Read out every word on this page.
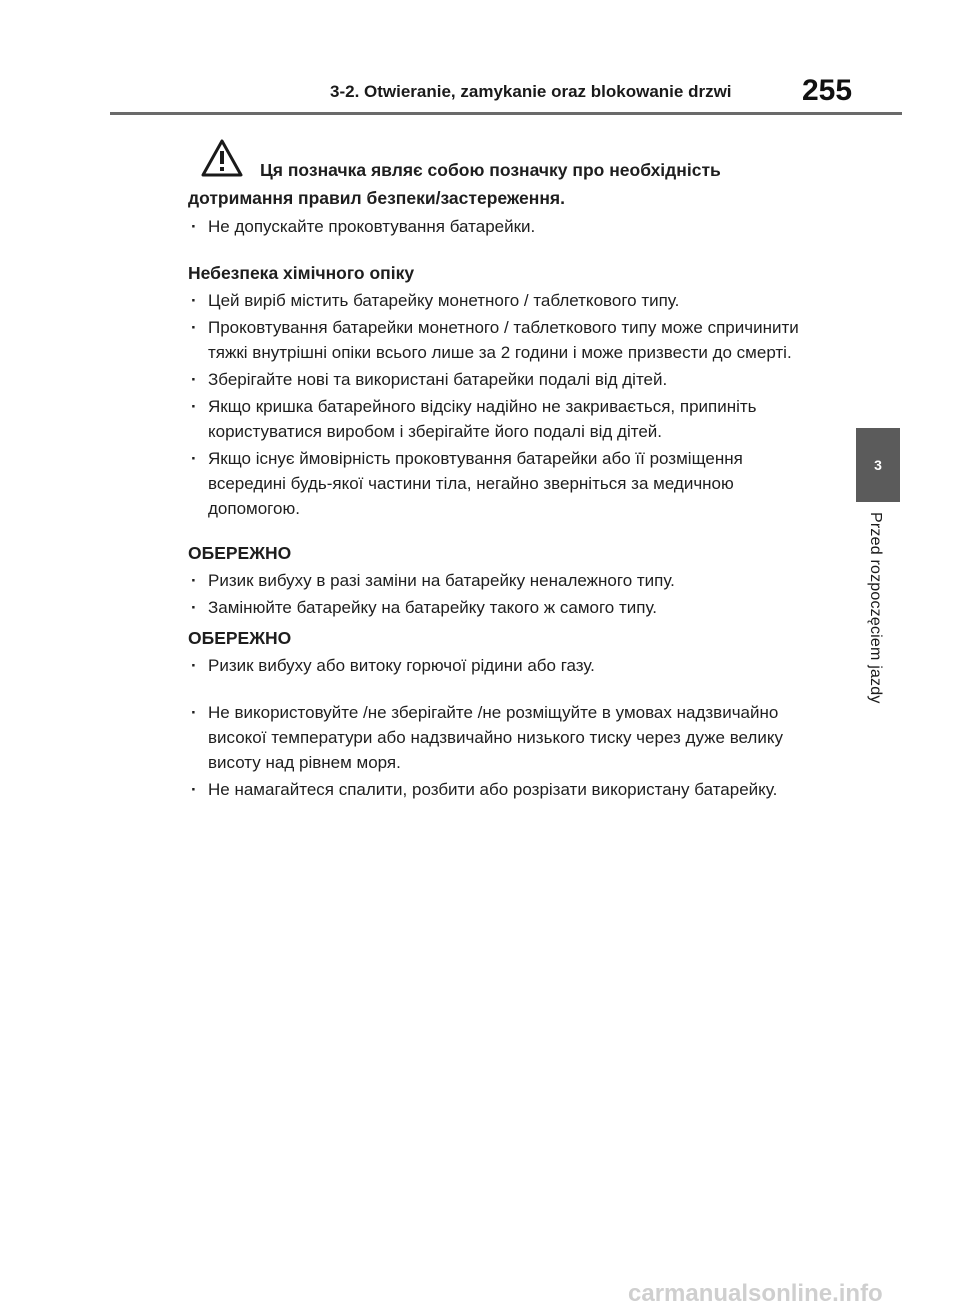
3-2. Otwieranie, zamykanie oraz blokowanie drzwi 255
3
Przed rozpoczęciem jazdy

Ця позначка являє собою позначку про необхідність дотримання правил безпеки/застереження.

· Не допускайте проковтування батарейки.

Небезпека хімічного опіку

· Цей виріб містить батарейку монетного / таблеткового типу.

· Проковтування батарейки монетного / таблеткового типу може спричинити тяжкі внутрішні опіки всього лише за 2 години і може призвести до смерті.

· Зберігайте нові та використані батарейки подалі від дітей.

· Якщо кришка батарейного відсіку надійно не закривається, припиніть користуватися виробом і зберігайте його подалі від дітей.

· Якщо існує ймовірність проковтування батарейки або її розміщення всередині будь-якої частини тіла, негайно зверніться за медичною допомогою.

ОБЕРЕЖНО

· Ризик вибуху в разі заміни на батарейку неналежного типу.

· Замінюйте батарейку на батарейку такого ж самого типу.

ОБЕРЕЖНО

· Ризик вибуху або витоку горючої рідини або газу.

· Не використовуйте /не зберігайте /не розміщуйте в умовах надзвичайно високої температури або надзвичайно низького тиску через дуже велику висоту над рівнем моря.

· Не намагайтеся спалити, розбити або розрізати використану батарейку.

carmanualsonline.info
